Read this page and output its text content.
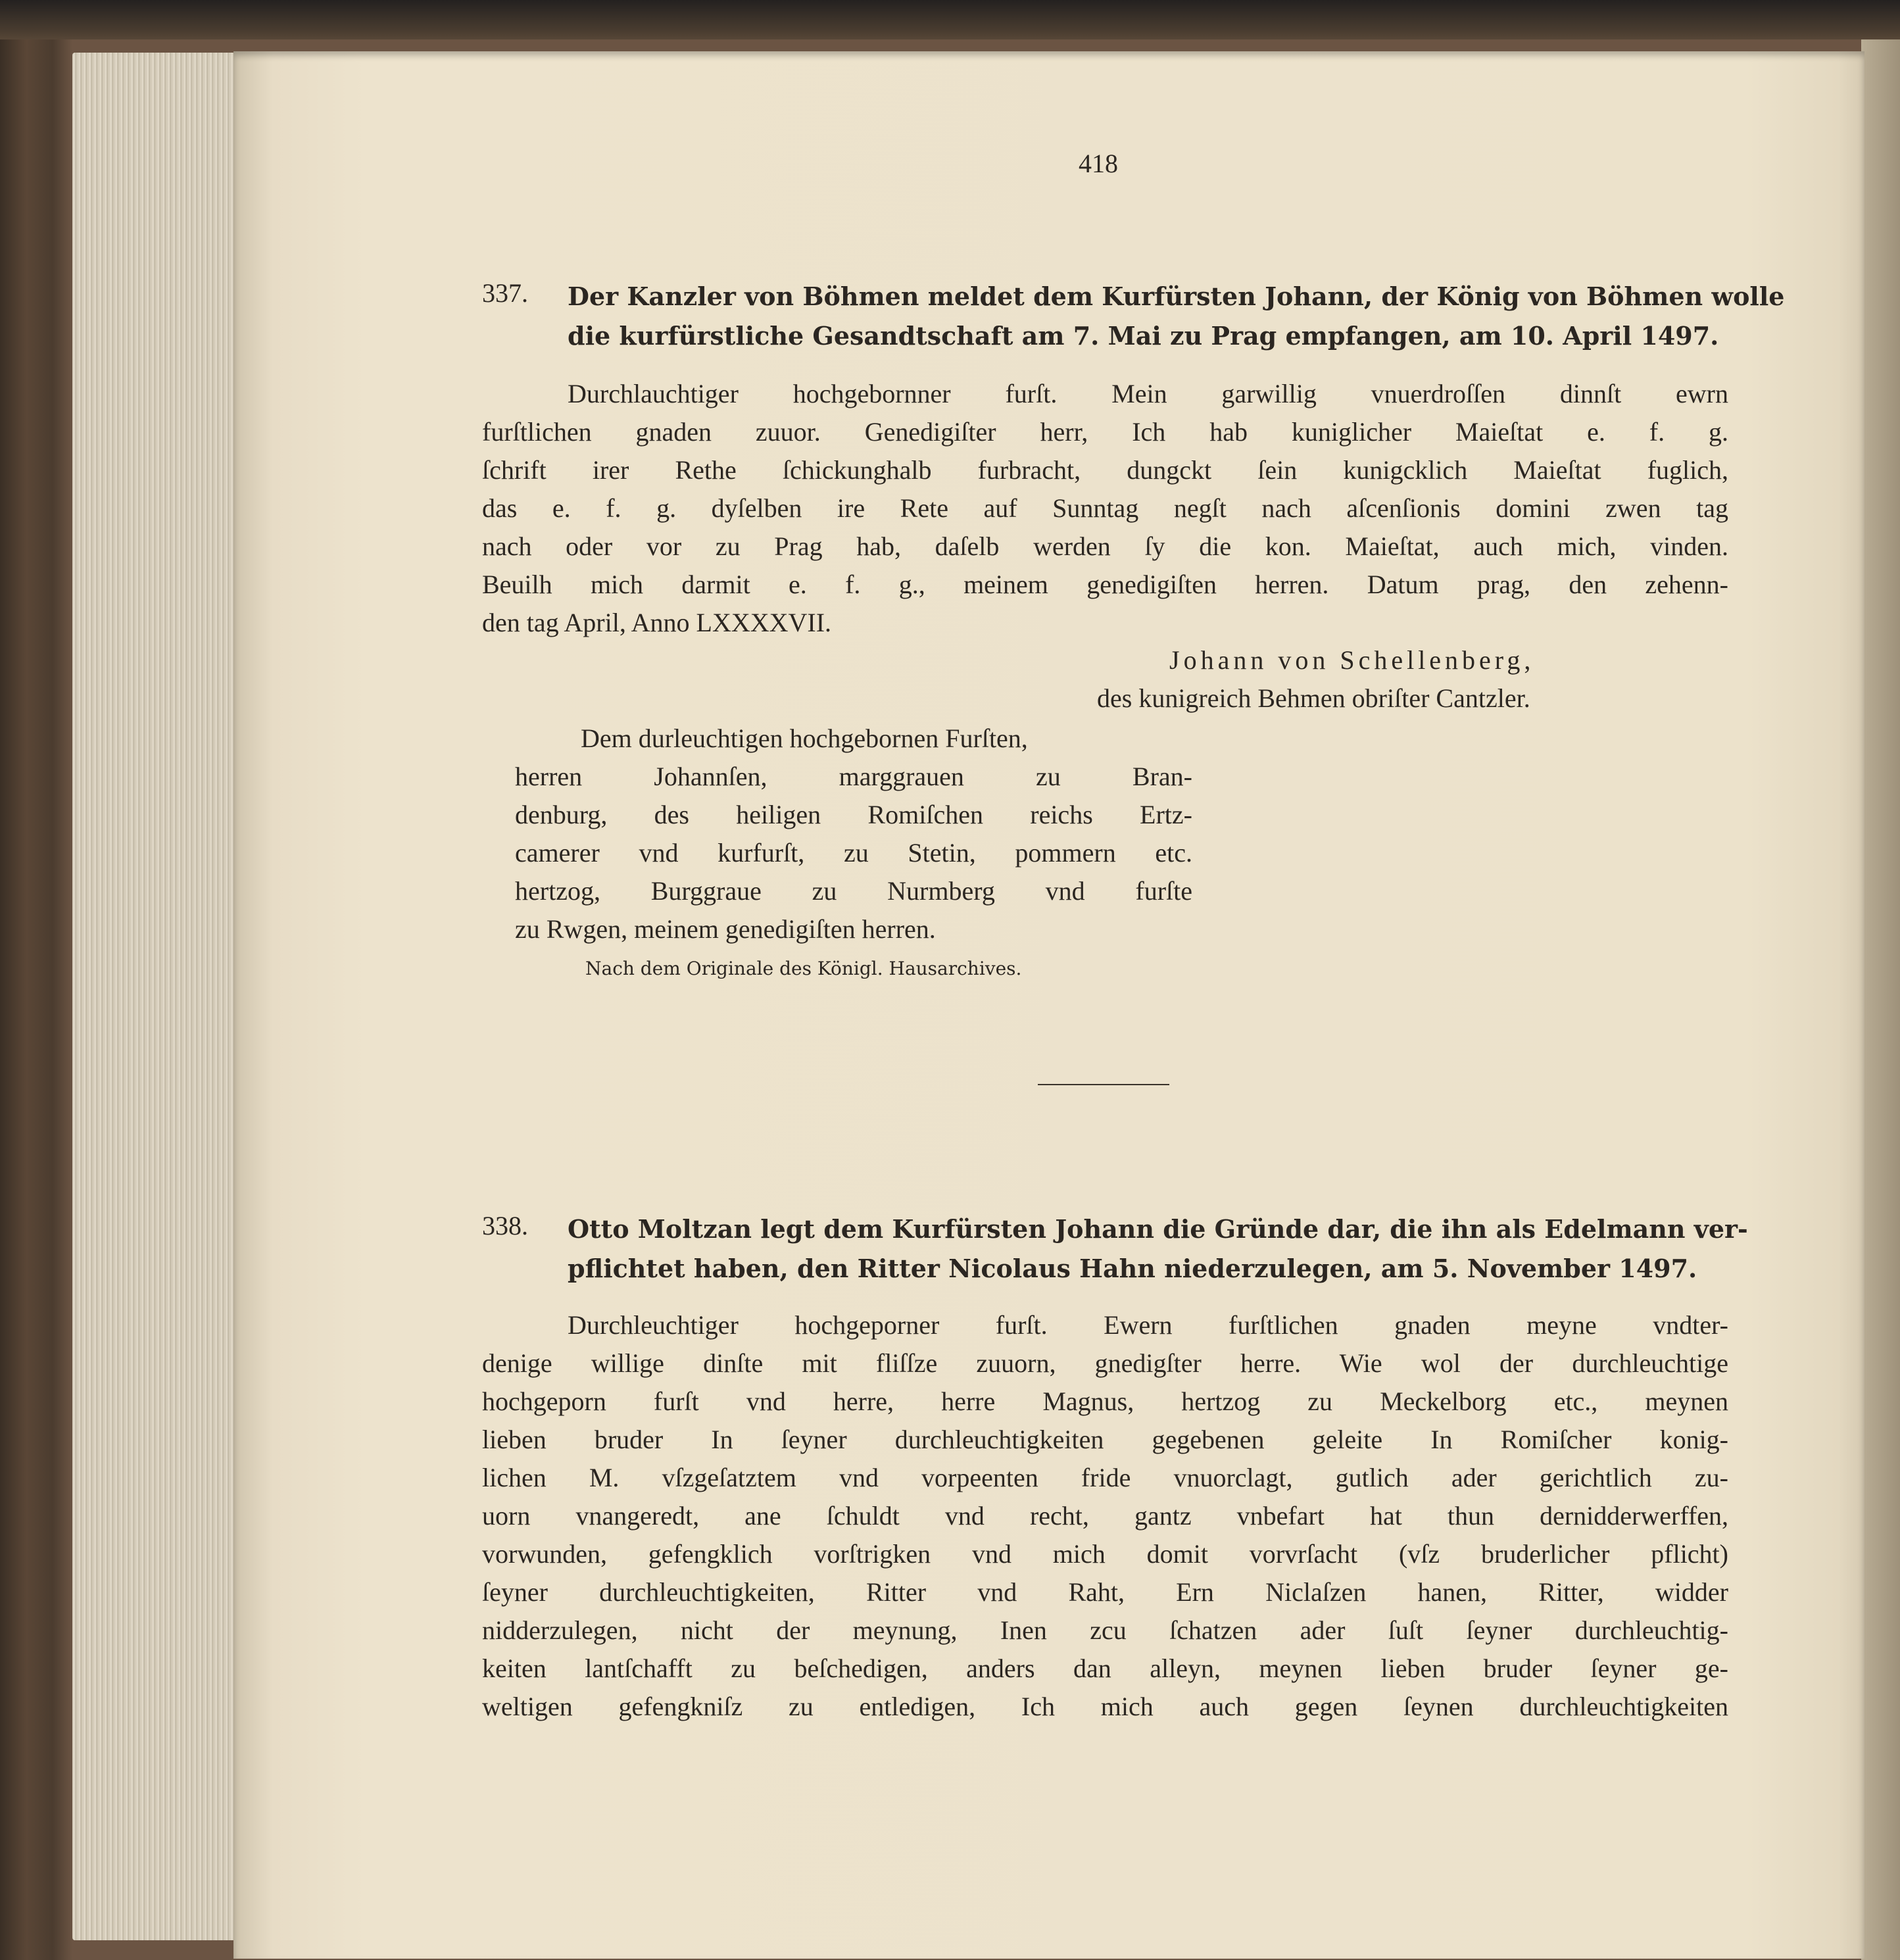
418
337. Der Kanzler von Böhmen meldet dem Kurfürsten Johann, der König von Böhmen wolle
die kurfürstliche Gesandtschaft am 7. Mai zu Prag empfangen, am 10. April 1497.
Durchlauchtiger hochgebornner furſt. Mein garwillig vnuerdroſſen dinnſt ewrn
furſtlichen gnaden zuuor. Genedigiſter herr, Ich hab kuniglicher Maieſtat e. f. g.
ſchrift irer Rethe ſchickunghalb furbracht, dungckt ſein kunigcklich Maieſtat fuglich,
das e. f. g. dyſelben ire Rete auf Sunntag negſt nach aſcenſionis domini zwen tag
nach oder vor zu Prag hab, daſelb werden ſy die kon. Maieſtat, auch mich, vinden.
Beuilh mich darmit e. f. g., meinem genedigiſten herren. Datum prag, den zehenn-
den tag April, Anno LXXXXVII.
Johann von Schellenberg,
des kunigreich Behmen obriſter Cantzler.
Dem durleuchtigen hochgebornen Furſten,
herren Johannſen, marggrauen zu Bran-
denburg, des heiligen Romiſchen reichs Ertz-
camerer vnd kurfurſt, zu Stetin, pommern etc.
hertzog, Burggraue zu Nurmberg vnd furſte
zu Rwgen, meinem genedigiſten herren.
Nach dem Originale des Königl. Hausarchives.
338. Otto Moltzan legt dem Kurfürsten Johann die Gründe dar, die ihn als Edelmann ver-
pflichtet haben, den Ritter Nicolaus Hahn niederzulegen, am 5. November 1497.
Durchleuchtiger hochgeporner furſt. Ewern furſtlichen gnaden meyne vndter-
denige willige dinſte mit fliſſze zuuorn, gnedigſter herre. Wie wol der durchleuchtige
hochgeporn furſt vnd herre, herre Magnus, hertzog zu Meckelborg etc., meynen
lieben bruder In ſeyner durchleuchtigkeiten gegebenen geleite In Romiſcher konig-
lichen M. vſzgeſatztem vnd vorpeenten fride vnuorclagt, gutlich ader gerichtlich zu-
uorn vnangeredt, ane ſchuldt vnd recht, gantz vnbefart hat thun dernidderwerffen,
vorwunden, gefengklich vorſtrigken vnd mich domit vorvrſacht (vſz bruderlicher pflicht)
ſeyner durchleuchtigkeiten, Ritter vnd Raht, Ern Niclaſzen hanen, Ritter, widder
nidderzulegen, nicht der meynung, Inen zcu ſchatzen ader ſuſt ſeyner durchleuchtig-
keiten lantſchafft zu beſchedigen, anders dan alleyn, meynen lieben bruder ſeyner ge-
weltigen gefengkniſz zu entledigen, Ich mich auch gegen ſeynen durchleuchtigkeiten
